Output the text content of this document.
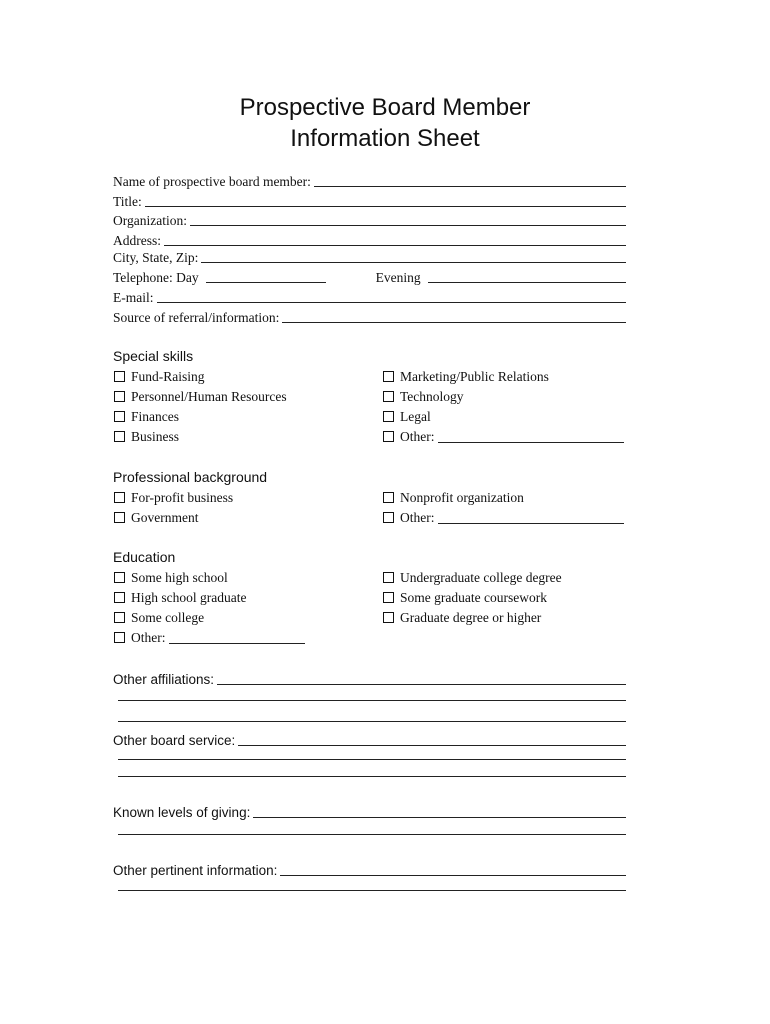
Prospective Board Member
Information Sheet
Name of prospective board member:
Title:
Organization:
Address:
City, State, Zip:
Telephone: Day	Evening
E-mail:
Source of referral/information:
Special skills
Fund-Raising
Personnel/Human Resources
Finances
Business
Marketing/Public Relations
Technology
Legal
Other:
Professional background
For-profit business
Government
Nonprofit organization
Other:
Education
Some high school
High school graduate
Some college
Other:
Undergraduate college degree
Some graduate coursework
Graduate degree or higher
Other affiliations:
Other board service:
Known levels of giving:
Other pertinent information:
